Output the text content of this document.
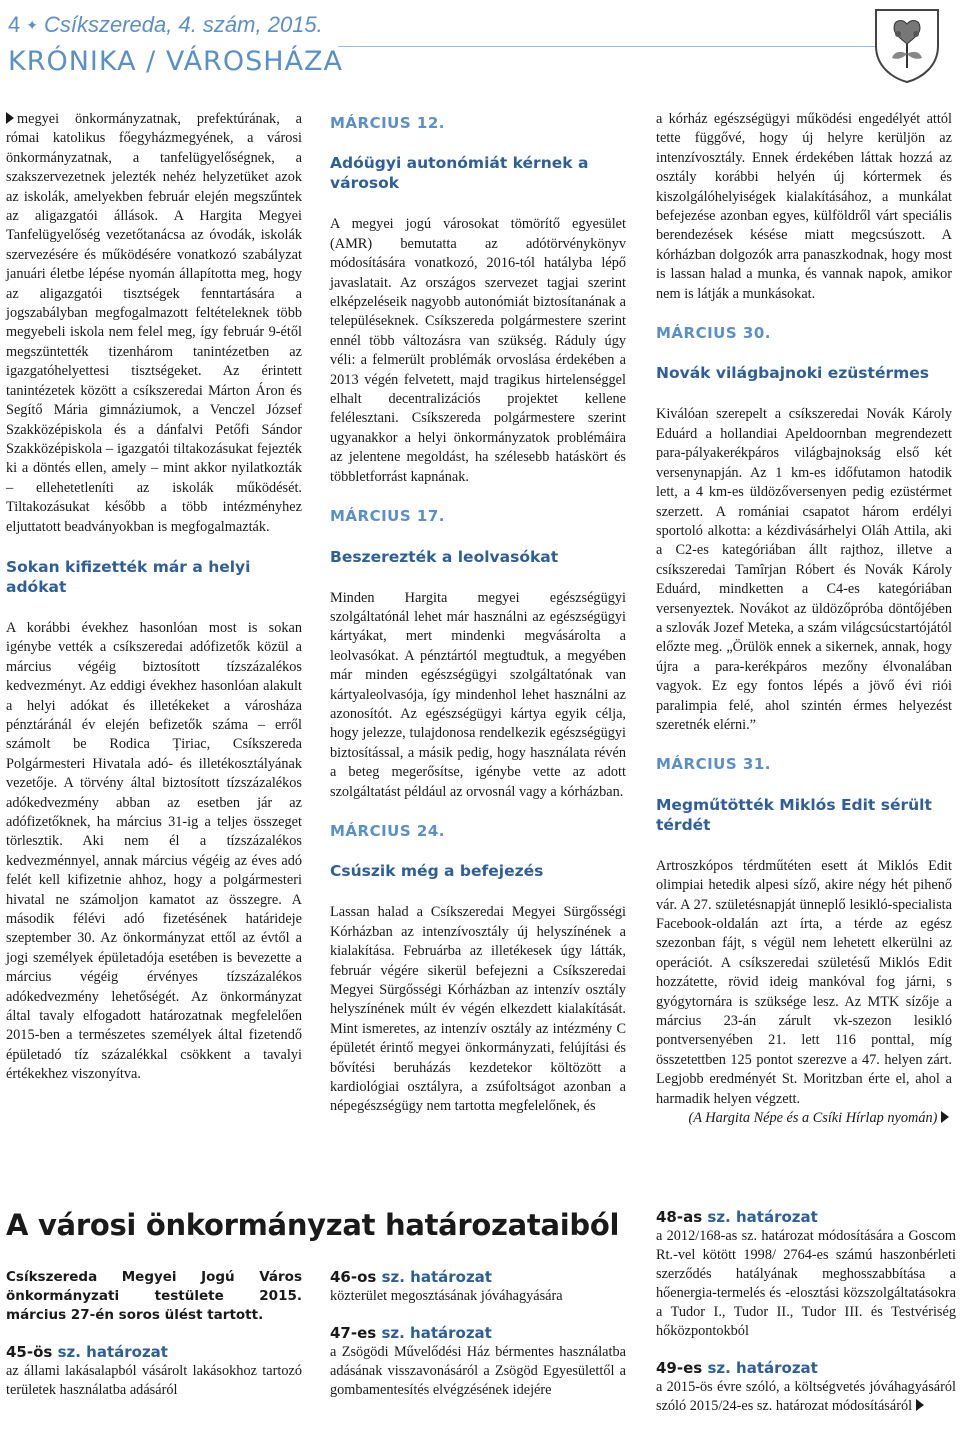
4 ✦ Csíkszereda, 4. szám, 2015.
KRÓNIKA / VÁROSHÁZA

megyei önkormányzatnak, prefektúrának, a római katolikus főegyházmegyének, a városi önkormányzatnak, a tanfelügyelőségnek, a szakszervezetnek jelezték nehéz helyzetüket azok az iskolák, amelyekben február elején megszűntek az aligazgatói állások. A Hargita Megyei Tanfelügyelőség vezetőtanácsa az óvodák, iskolák szervezésére és működésére vonatkozó szabályzat januári életbe lépése nyomán állapította meg, hogy az aligazgatói tisztségek fenntartására a jogszabályban megfogalmazott feltételeknek több megyebeli iskola nem felel meg, így február 9-étől megszüntették tizenhárom tanintézetben az igazgatóhelyettesi tisztségeket. Az érintett tanintézetek között a csíkszeredai Márton Áron és Segítő Mária gimnáziumok, a Venczel József Szakközépiskola és a dánfalvi Petőfi Sándor Szakközépiskola – igazgatói tiltakozásukat fejezték ki a döntés ellen, amely – mint akkor nyilatkozták – ellehetetleníti az iskolák működését. Tiltakozásukat később a több intézményhez eljuttatott beadványokban is megfogalmazták.

Sokan kifizették már a helyi adókat

A korábbi évekhez hasonlóan most is sokan igénybe vették a csíkszeredai adófizetők közül a március végéig biztosított tízszázalékos kedvezményt. Az eddigi évekhez hasonlóan alakult a helyi adókat és illetékeket a városháza pénztáránál év elején befizetők száma – erről számolt be Rodica Țiriac, Csíkszereda Polgármesteri Hivatala adó- és illetékosztályának vezetője. A törvény által biztosított tízszázalékos adókedvezmény abban az esetben jár az adófizetőknek, ha március 31-ig a teljes összeget törlesztik. Aki nem él a tízszázalékos kedvezménnyel, annak március végéig az éves adó felét kell kifizetnie ahhoz, hogy a polgármesteri hivatal ne számoljon kamatot az összegre. A második félévi adó fizetésének határideje szeptember 30. Az önkormányzat ettől az évtől a jogi személyek épületadója esetében is bevezette a március végéig érvényes tízszázalékos adókedvezmény lehetőségét. Az önkormányzat által tavaly elfogadott határozatnak megfelelően 2015-ben a természetes személyek által fizetendő épületadó tíz százalékkal csökkent a tavalyi értékekhez viszonyítva.

MÁRCIUS 12.
Adóügyi autonómiát kérnek a városok

A megyei jogú városokat tömörítő egyesület (AMR) bemutatta az adótörvénykönyv módosítására vonatkozó, 2016-tól hatályba lépő javaslatait. Az országos szervezet tagjai szerint elképzeléseik nagyobb autonómiát biztosítanának a településeknek. Csíkszereda polgármestere szerint ennél több változásra van szükség. Ráduly úgy véli: a felmerült problémák orvoslása érdekében a 2013 végén felvetett, majd tragikus hirtelenséggel elhalt decentralizációs projektet kellene felélesztani. Csíkszereda polgármestere szerint ugyanakkor a helyi önkormányzatok problémáira az jelentene megoldást, ha szélesebb hatáskört és többletforrást kapnának.

MÁRCIUS 17.
Beszerezték a leolvasókat

Minden Hargita megyei egészségügyi szolgáltatónál lehet már használni az egészségügyi kártyákat, mert mindenki megvásárolta a leolvasókat. A pénztártól megtudtuk, a megyében már minden egészségügyi szolgáltatónak van kártyaleolvasója, így mindenhol lehet használni az azonosítót. Az egészségügyi kártya egyik célja, hogy jelezze, tulajdonosa rendelkezik egészségügyi biztosítással, a másik pedig, hogy használata révén a beteg megerősítse, igénybe vette az adott szolgáltatást például az orvosnál vagy a kórházban.

MÁRCIUS 24.
Csúszik még a befejezés

Lassan halad a Csíkszeredai Megyei Sürgősségi Kórházban az intenzívosztály új helyszínének a kialakítása. Februárba az illetékesek úgy látták, február végére sikerül befejezni a Csíkszeredai Megyei Sürgősségi Kórházban az intenzív osztály helyszínének múlt év végén elkezdett kialakítását. Mint ismeretes, az intenzív osztály az intézmény C épületét érintő megyei önkormányzati, felújítási és bővítési beruházás kezdetekor költözött a kardiológiai osztályra, a zsúfoltságot azonban a népegészségügy nem tartotta megfelelőnek, és

a kórház egészségügyi működési engedélyét attól tette függővé, hogy új helyre kerüljön az intenzívosztály. Ennek érdekében láttak hozzá az osztály korábbi helyén új kórtermek és kiszolgálóhelyiségek kialakításához, a munkálat befejezése azonban egyes, külföldről várt speciális berendezések késése miatt megcsúszott. A kórházban dolgozók arra panaszkodnak, hogy most is lassan halad a munka, és vannak napok, amikor nem is látják a munkásokat.

MÁRCIUS 30.
Novák világbajnoki ezüstérmes

Kiválóan szerepelt a csíkszeredai Novák Károly Eduárd a hollandiai Apeldoornban megrendezett para-pályakerékpáros világbajnokság első két versenynapján. Az 1 km-es időfutamon hatodik lett, a 4 km-es üldözőversenyen pedig ezüstérmet szerzett. A romániai csapatot három erdélyi sportoló alkotta: a kézdivásárhelyi Oláh Attila, aki a C2-es kategóriában állt rajthoz, illetve a csíkszeredai Tamîrjan Róbert és Novák Károly Eduárd, mindketten a C4-es kategóriában versenyeztek. Novákot az üldözőpróba döntőjében a szlovák Jozef Meteka, a szám világcsúcstartójától előzte meg. „Örülök ennek a sikernek, annak, hogy újra a para-kerékpáros mezőny élvonalában vagyok. Ez egy fontos lépés a jövő évi riói paralimpia felé, ahol szintén érmes helyezést szeretnék elérni.”

MÁRCIUS 31.
Megműtötték Miklós Edit sérült térdét

Artroszkópos térdműtéten esett át Miklós Edit olimpiai hetedik alpesi síző, akire négy hét pihenő vár. A 27. születésnapját ünneplő lesikló-specialista Facebook-oldalán azt írta, a térde az egész szezonban fájt, s végül nem lehetett elkerülni az operációt. A csíkszeredai születésű Miklós Edit hozzátette, rövid ideig mankóval fog járni, s gyógytornára is szüksége lesz. Az MTK sízője a március 23-án zárult vk-szezon lesikló pontversenyében 21. lett 116 ponttal, míg összetettben 125 pontot szerezve a 47. helyen zárt. Legjobb eredményét St. Moritzban érte el, ahol a harmadik helyen végzett.

(A Hargita Népe és a Csíki Hírlap nyomán)

A városi önkormányzat határozataiból
Csíkszereda Megyei Jogú Város önkormányzati testülete 2015. március 27-én soros ülést tartott.
45-ös sz. határozat
az állami lakásalapból vásárolt lakásokhoz tartozó területek használatba adásáról
46-os sz. határozat
közterület megosztásának jóváhagyására
47-es sz. határozat
a Zsögödi Művelődési Ház bérmentes használatba adásának visszavonásáról a Zsögöd Egyesülettől a gombamentesítés elvégzésének idejére
48-as sz. határozat
a 2012/168-as sz. határozat módosítására a Goscom Rt.-vel kötött 1998/ 2764-es számú haszonbérleti szerződés hatályának meghosszabbítása a hőenergia-termelés és -elosztási közszolgáltatásokra a Tudor I., Tudor II., Tudor III. és Testvériség hőközpontokból
49-es sz. határozat
a 2015-ös évre szóló, a költségvetés jóváhagyásáról szóló 2015/24-es sz. határozat módosításáról
